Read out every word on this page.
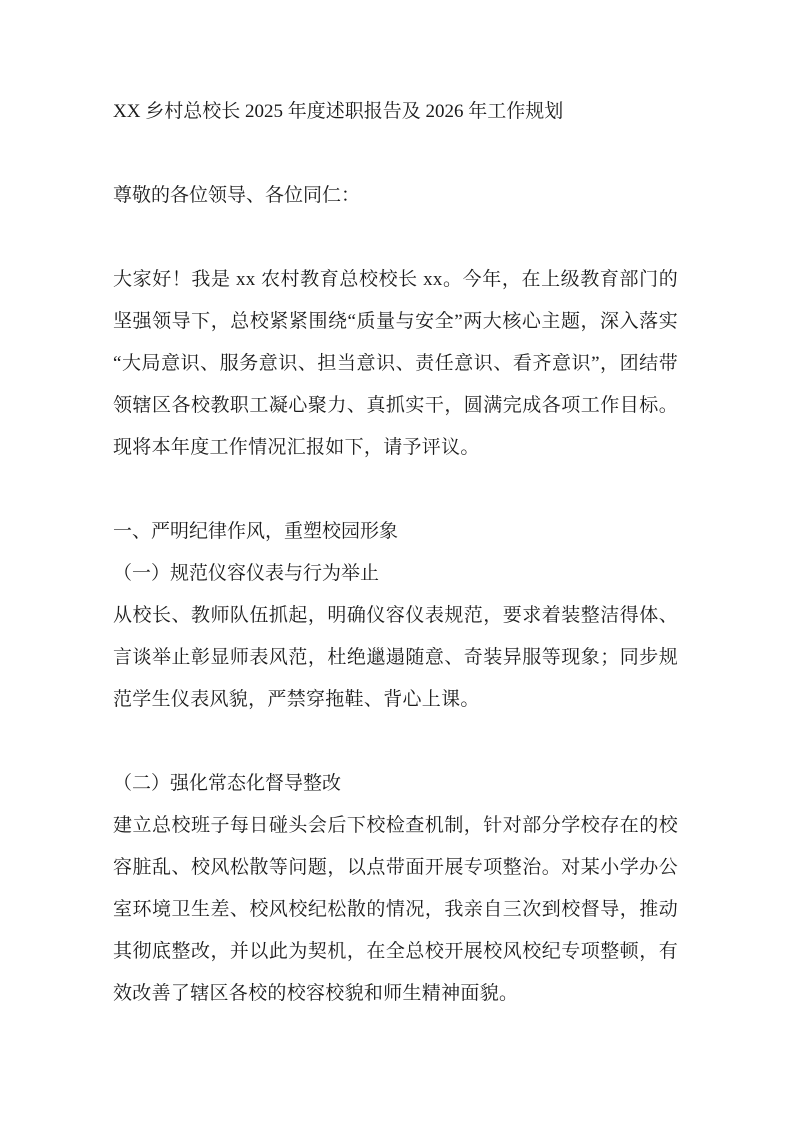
XX 乡村总校长 2025 年度述职报告及 2026 年工作规划

尊敬的各位领导、各位同仁：

大家好！我是 xx 农村教育总校校长 xx。今年，在上级教育部门的坚强领导下，总校紧紧围绕“质量与安全”两大核心主题，深入落实“大局意识、服务意识、担当意识、责任意识、看齐意识”，团结带领辖区各校教职工凝心聚力、真抓实干，圆满完成各项工作目标。现将本年度工作情况汇报如下，请予评议。

一、严明纪律作风，重塑校园形象
（一）规范仪容仪表与行为举止

从校长、教师队伍抓起，明确仪容仪表规范，要求着装整洁得体、言谈举止彰显师表风范，杜绝邋遢随意、奇装异服等现象；同步规范学生仪表风貌，严禁穿拖鞋、背心上课。

（二）强化常态化督导整改

建立总校班子每日碰头会后下校检查机制，针对部分学校存在的校容脏乱、校风松散等问题，以点带面开展专项整治。对某小学办公室环境卫生差、校风校纪松散的情况，我亲自三次到校督导，推动其彻底整改，并以此为契机，在全总校开展校风校纪专项整顿，有效改善了辖区各校的校容校貌和师生精神面貌。
